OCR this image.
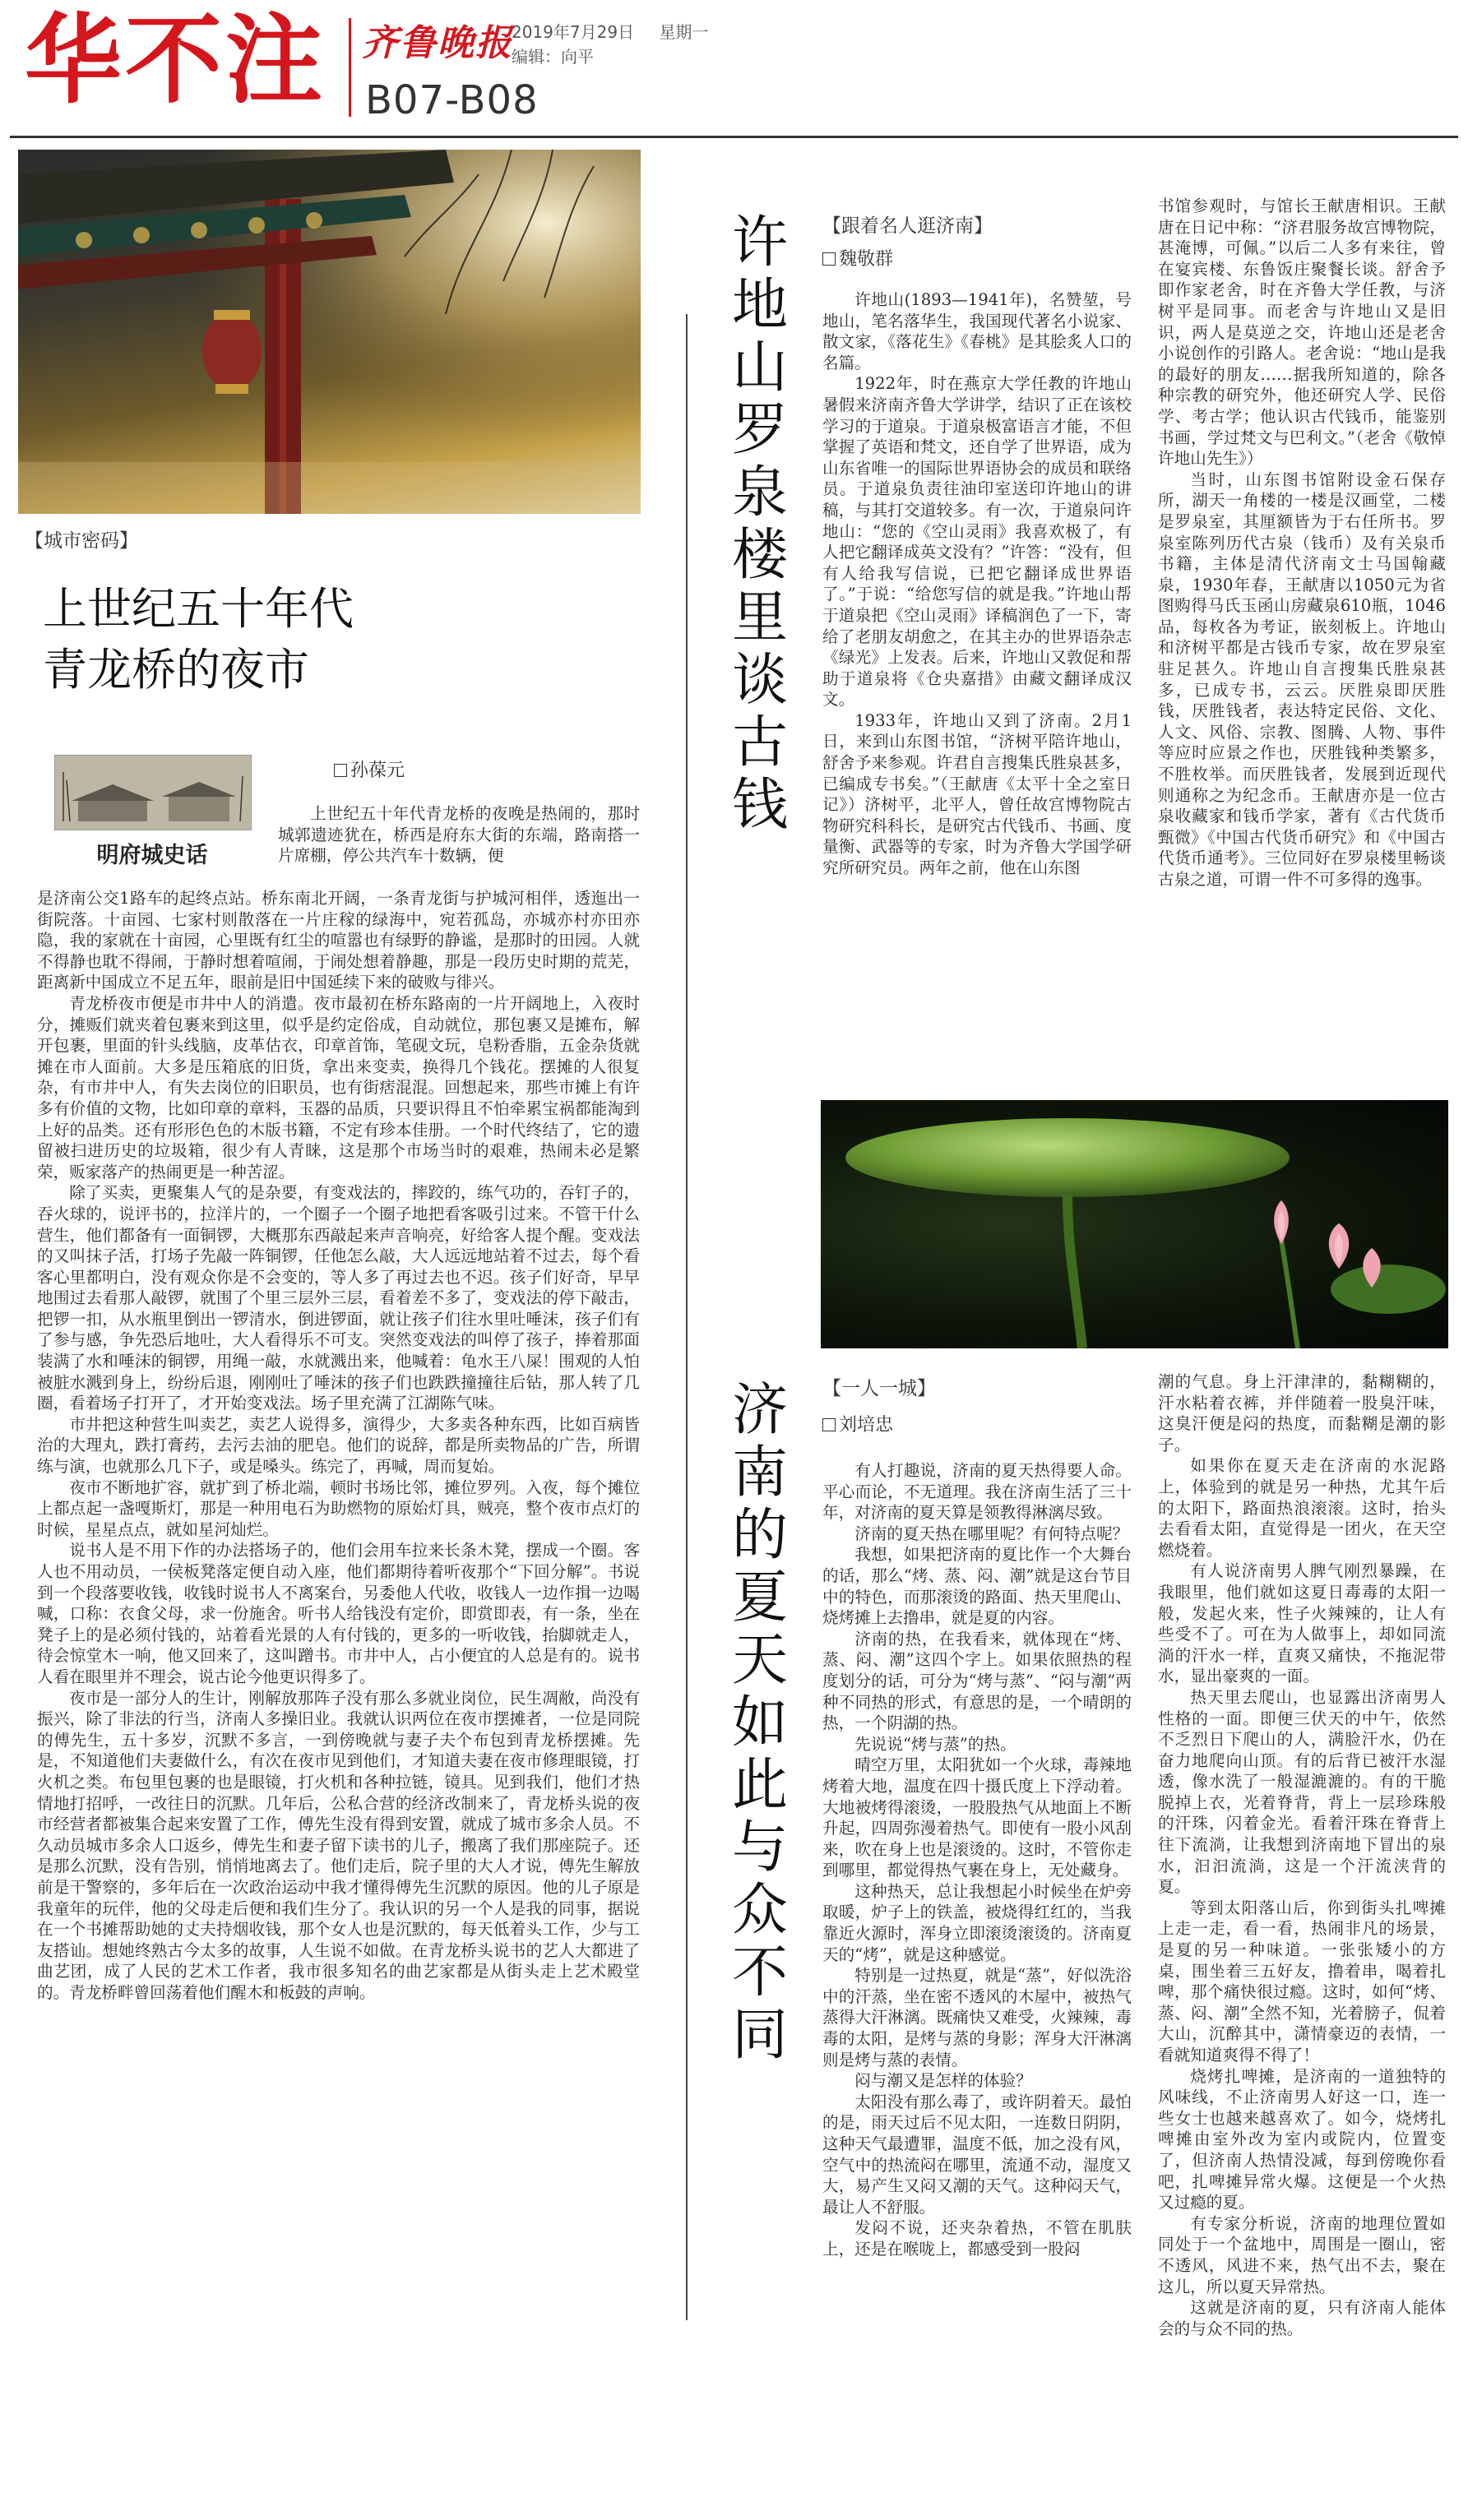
华不注 齐鲁晚报
2019年7月29日 星期一
编辑：向平
B07-B08
【城市密码】
上世纪五十年代
青龙桥的夜市
明府城史话
孙葆元

上世纪五十年代青龙桥的夜晚是热闹的，那时城郭遗迹犹在，桥西是府东大街的东端，路南搭一片席棚，停公共汽车十数辆，便

是济南公交1路车的起终点站。桥东南北开阔，一条青龙街与护城河相伴，透迤出一街院落。十亩园、七家村则散落在一片庄稼的绿海中，宛若孤岛，亦城亦村亦田亦隐，我的家就在十亩园，心里既有红尘的喧嚣也有绿野的静谧，是那时的田园。人就不得静也耽不得闹，于静时想着喧闹，于闹处想着静趣，那是一段历史时期的荒芜，距离新中国成立不足五年，眼前是旧中国延续下来的破败与徘兴。

青龙桥夜市便是市井中人的消遣。夜市最初在桥东路南的一片开阔地上，入夜时分，摊贩们就夹着包裹来到这里，似乎是约定俗成，自动就位，那包裹又是摊布，解开包裹，里面的针头线脑，皮革估衣，印章首饰，笔砚文玩，皂粉香脂，五金杂货就摊在市人面前。大多是压箱底的旧货，拿出来变卖，换得几个钱花。摆摊的人很复杂，有市井中人，有失去岗位的旧职员，也有街痞混混。回想起来，那些市摊上有许多有价值的文物，比如印章的章料，玉器的品质，只要识得且不怕牵累宝祸都能淘到上好的品类。还有形形色色的木版书籍，不定有珍本佳册。一个时代终结了，它的遗留被扫进历史的垃圾箱，很少有人青睐，这是那个市场当时的艰难，热闹未必是繁荣，贩家落产的热闹更是一种苦涩。

除了买卖，更聚集人气的是杂要，有变戏法的，摔跤的，练气功的，吞钉子的，吞火球的，说评书的，拉洋片的，一个圈子一个圈子地把看客吸引过来。不管干什么营生，他们都备有一面铜锣，大概那东西敲起来声音响亮，好给客人提个醒。变戏法的又叫抹子活，打场子先敲一阵铜锣，任他怎么敲，大人远远地站着不过去，每个看客心里都明白，没有观众你是不会变的，等人多了再过去也不迟。孩子们好奇，早早地围过去看那人敲锣，就围了个里三层外三层，看着差不多了，变戏法的停下敲击，把锣一扣，从水瓶里倒出一锣清水，倒进锣面，就让孩子们往水里吐唾沫，孩子们有了参与感，争先恐后地吐，大人看得乐不可支。突然变戏法的叫停了孩子，捧着那面装满了水和唾沫的铜锣，用绳一敲，水就溅出来，他喊着：龟水王八屎！围观的人怕被脏水溅到身上，纷纷后退，刚刚吐了唾沫的孩子们也跌跌撞撞往后钻，那人转了几圈，看着场子打开了，才开始变戏法。场子里充满了江湖陈气味。

市井把这种营生叫卖艺，卖艺人说得多，演得少，大多卖各种东西，比如百病皆治的大理丸，跌打膏药，去污去油的肥皂。他们的说辞，都是所卖物品的广告，所谓练与演，也就那么几下子，或是嗓头。练完了，再喊，周而复始。

夜市不断地扩容，就扩到了桥北端，顿时书场比邻，摊位罗列。入夜，每个摊位上都点起一盏嘎斯灯，那是一种用电石为助燃物的原始灯具，贼亮，整个夜市点灯的时候，星星点点，就如星河灿烂。

说书人是不用下作的办法搭场子的，他们会用车拉来长条木凳，摆成一个圈。客人也不用动员，一侯板凳落定便自动入座，他们都期待着听夜那个“下回分解”。书说到一个段落要收钱，收钱时说书人不离案台，另委他人代收，收钱人一边作揖一边喝喊，口称：衣食父母，求一份施舍。听书人给钱没有定价，即赏即表，有一条，坐在凳子上的是必须付钱的，站着看光景的人有付钱的，更多的一听收钱，抬脚就走人，待会惊堂木一响，他又回来了，这叫蹭书。市井中人，占小便宜的人总是有的。说书人看在眼里并不理会，说古论今他更识得多了。

夜市是一部分人的生计，刚解放那阵子没有那么多就业岗位，民生凋敝，尚没有振兴，除了非法的行当，济南人多操旧业。我就认识两位在夜市摆摊者，一位是同院的傅先生，五十多岁，沉默不多言，一到傍晚就与妻子夫个布包到青龙桥摆摊。先是，不知道他们夫妻做什么，有次在夜市见到他们，才知道夫妻在夜市修理眼镜，打火机之类。布包里包裹的也是眼镜，打火机和各种拉链，镜具。见到我们，他们才热情地打招呼，一改往日的沉默。几年后，公私合营的经济改制来了，青龙桥头说的夜市经营者都被集合起来安置了工作，傅先生没有得到安置，就成了城市多余人员。不久动员城市多余人口返乡，傅先生和妻子留下读书的儿子，搬离了我们那座院子。还是那么沉默，没有告别，悄悄地离去了。他们走后，院子里的大人才说，傅先生解放前是干警察的，多年后在一次政治运动中我才懂得傅先生沉默的原因。他的儿子原是我童年的玩伴，他的父母走后便和我们生分了。我认识的另一个人是我的同事，据说在一个书摊帮助她的丈夫持烟收钱，那个女人也是沉默的，每天低着头工作，少与工友搭讪。想她终熟古今太多的故事，人生说不如做。在青龙桥头说书的艺人大都进了曲艺团，成了人民的艺术工作者，我市很多知名的曲艺家都是从街头走上艺术殿堂的。青龙桥畔曾回荡着他们醒木和板鼓的声响。

许地山罗泉楼里谈古钱
【跟着名人逛济南】
魏敬群

许地山(1893—1941年)，名赞堃，号地山，笔名落华生，我国现代著名小说家、散文家，《落花生》《春桃》是其脍炙人口的名篇。

1922年，时在燕京大学任教的许地山暑假来济南齐鲁大学讲学，结识了正在该校学习的于道泉。于道泉极富语言才能，不但掌握了英语和梵文，还自学了世界语，成为山东省唯一的国际世界语协会的成员和联络员。于道泉负责往油印室送印许地山的讲稿，与其打交道较多。有一次，于道泉问许地山：“您的《空山灵雨》我喜欢极了，有人把它翻译成英文没有？”许答：“没有，但有人给我写信说，已把它翻译成世界语了。”于说：“给您写信的就是我。”许地山帮于道泉把《空山灵雨》译稿润色了一下，寄给了老朋友胡愈之，在其主办的世界语杂志《绿光》上发表。后来，许地山又敦促和帮助于道泉将《仓央嘉措》由藏文翻译成汉文。

1933年，许地山又到了济南。2月1日，来到山东图书馆，“济树平陪许地山，舒舍予来参观。许君自言搜集氏胜泉甚多，已编成专书矣。”（王献唐《太平十全之室日记》）济树平，北平人，曾任故宫博物院古物研究科科长，是研究古代钱币、书画、度量衡、武器等的专家，时为齐鲁大学国学研究所研究员。两年之前，他在山东图

书馆参观时，与馆长王献唐相识。王献唐在日记中称：“济君服务故宫博物院，甚淹博，可佩。”以后二人多有来往，曾在宴宾楼、东鲁饭庄聚餐长谈。舒舍予即作家老舍，时在齐鲁大学任教，与济树平是同事。而老舍与许地山又是旧识，两人是莫逆之交，许地山还是老舍小说创作的引路人。老舍说：“地山是我的最好的朋友……据我所知道的，除各种宗教的研究外，他还研究人学、民俗学、考古学；他认识古代钱币，能鉴别书画，学过梵文与巴利文。”（老舍《敬悼许地山先生》）

当时，山东图书馆附设金石保存所，湖天一角楼的一楼是汉画堂，二楼是罗泉室，其厘额皆为于右任所书。罗泉室陈列历代古泉（钱币）及有关泉币书籍，主体是清代济南文士马国翰藏泉，1930年春，王献唐以1050元为省图购得马氏玉函山房藏泉610瓶，1046品，每枚各为考证，嵌刻板上。许地山和济树平都是古钱币专家，故在罗泉室驻足甚久。许地山自言搜集氏胜泉甚多，已成专书，云云。厌胜泉即厌胜钱，厌胜钱者，表达特定民俗、文化、人文、风俗、宗教、图腾、人物、事件等应时应景之作也，厌胜钱种类繁多，不胜枚举。而厌胜钱者，发展到近现代则通称之为纪念币。王献唐亦是一位古泉收藏家和钱币学家，著有《古代货币甄微》《中国古代货币研究》和《中国古代货币通考》。三位同好在罗泉楼里畅谈古泉之道，可谓一件不可多得的逸事。

济南的夏天如此与众不同
【一人一城】
刘培忠

有人打趣说，济南的夏天热得要人命。平心而论，不无道理。我在济南生活了三十年，对济南的夏天算是领教得淋漓尽致。

济南的夏天热在哪里呢？有何特点呢？

我想，如果把济南的夏比作一个大舞台的话，那么“烤、蒸、闷、潮”就是这台节目中的特色，而那滚烫的路面、热天里爬山、烧烤摊上去撸串，就是夏的内容。

济南的热，在我看来，就体现在“烤、蒸、闷、潮”这四个字上。如果依照热的程度划分的话，可分为“烤与蒸”、“闷与潮”两种不同热的形式，有意思的是，一个晴朗的热，一个阴湖的热。

先说说“烤与蒸”的热。

晴空万里，太阳犹如一个火球，毒辣地烤着大地，温度在四十摄氏度上下浮动着。大地被烤得滚烫，一股股热气从地面上不断升起，四周弥漫着热气。即使有一股小风刮来，吹在身上也是滚烫的。这时，不管你走到哪里，都觉得热气裹在身上，无处藏身。

这种热天，总让我想起小时候坐在炉旁取暖，炉子上的铁盖，被烧得红红的，当我靠近火源时，浑身立即滚烫滚烫的。济南夏天的“烤”，就是这种感觉。

特别是一过热夏，就是“蒸”，好似洗浴中的汗蒸，坐在密不透风的木屋中，被热气蒸得大汗淋漓。既痛快又难受，火辣辣，毒毒的太阳，是烤与蒸的身影；浑身大汗淋漓则是烤与蒸的表情。

闷与潮又是怎样的体验？

太阳没有那么毒了，或许阴着天。最怕的是，雨天过后不见太阳，一连数日阴阴，这种天气最遭罪，温度不低，加之没有风，空气中的热流闷在哪里，流通不动，湿度又大，易产生又闷又潮的天气。这种闷天气，最让人不舒服。

发闷不说，还夹杂着热，不管在肌肤上，还是在喉咙上，都感受到一股闷

潮的气息。身上汗津津的，黏糊糊的，汗水粘着衣裤，并伴随着一股臭汗味，这臭汗便是闷的热度，而黏糊是潮的影子。

如果你在夏天走在济南的水泥路上，体验到的就是另一种热，尤其午后的太阳下，路面热浪滚滚。这时，抬头去看看太阳，直觉得是一团火，在天空燃烧着。

有人说济南男人脾气刚烈暴躁，在我眼里，他们就如这夏日毒毒的太阳一般，发起火来，性子火辣辣的，让人有些受不了。可在为人做事上，却如同流淌的汗水一样，直爽又痛快，不拖泥带水，显出豪爽的一面。

热天里去爬山，也显露出济南男人性格的一面。即便三伏天的中午，依然不乏烈日下爬山的人，满脸汗水，仍在奋力地爬向山顶。有的后背已被汗水湿透，像水洗了一般湿漉漉的。有的干脆脱掉上衣，光着脊背，背上一层珍珠般的汗珠，闪着金光。看着汗珠在脊背上往下流淌，让我想到济南地下冒出的泉水，汩汩流淌，这是一个汗流浃背的夏。

等到太阳落山后，你到街头扎啤摊上走一走，看一看，热闹非凡的场景，是夏的另一种味道。一张张矮小的方桌，围坐着三五好友，撸着串，喝着扎啤，那个痛快很过瘾。这时，如何“烤、蒸、闷、潮”全然不知，光着膀子，侃着大山，沉醉其中，潇情豪迈的表情，一看就知道爽得不得了！

烧烤扎啤摊，是济南的一道独特的风味线，不止济南男人好这一口，连一些女士也越来越喜欢了。如今，烧烤扎啤摊由室外改为室内或院内，位置变了，但济南人热情没减，每到傍晚你看吧，扎啤摊异常火爆。这便是一个火热又过瘾的夏。

有专家分析说，济南的地理位置如同处于一个盆地中，周围是一圈山，密不透风，风进不来，热气出不去，聚在这儿，所以夏天异常热。

这就是济南的夏，只有济南人能体会的与众不同的热。
